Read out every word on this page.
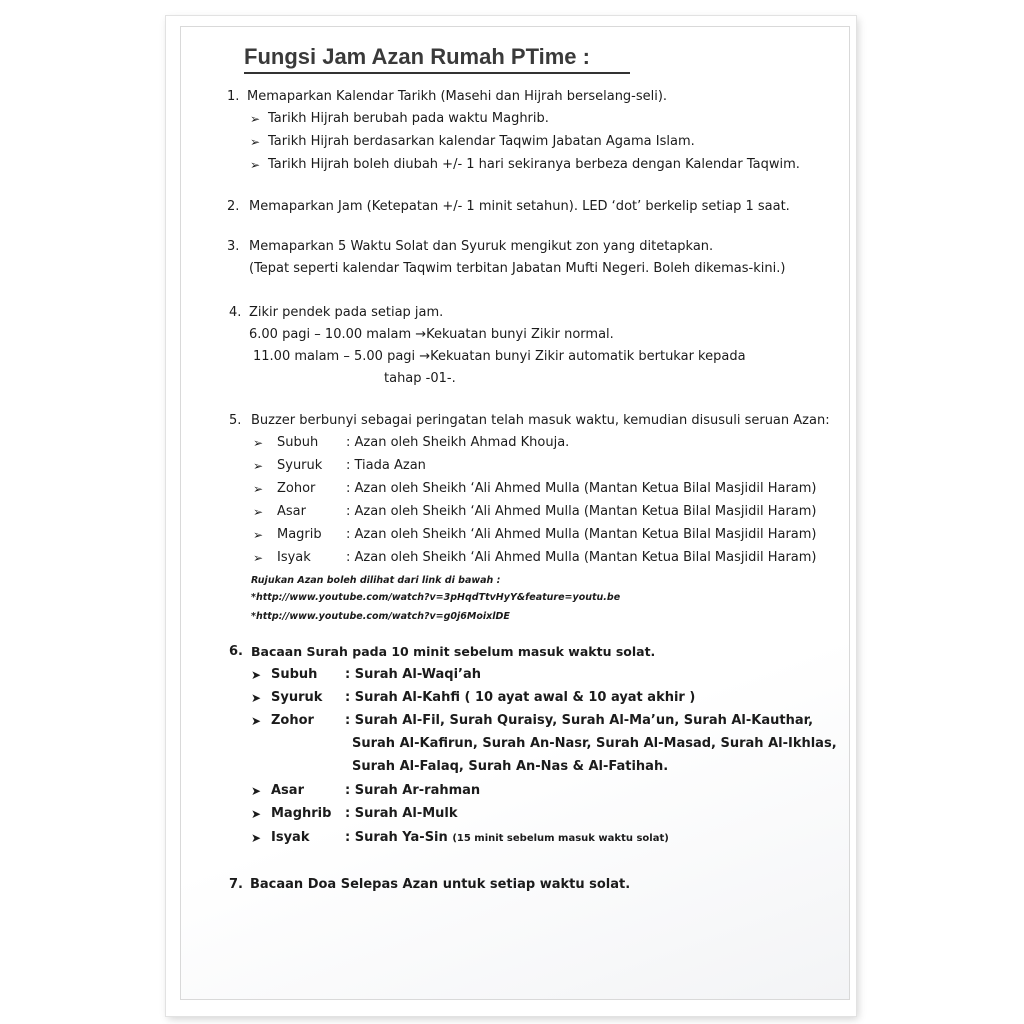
Fungsi Jam Azan Rumah PTime :
1. Memaparkan Kalendar Tarikh (Masehi dan Hijrah berselang-seli).
➢ Tarikh Hijrah berubah pada waktu Maghrib.
➢ Tarikh Hijrah berdasarkan kalendar Taqwim Jabatan Agama Islam.
➢ Tarikh Hijrah boleh diubah +/- 1 hari sekiranya berbeza dengan Kalendar Taqwim.
2. Memaparkan Jam (Ketepatan +/- 1 minit setahun). LED ‘dot’ berkelip setiap 1 saat.
3. Memaparkan 5 Waktu Solat dan Syuruk mengikut zon yang ditetapkan.
(Tepat seperti kalendar Taqwim terbitan Jabatan Mufti Negeri. Boleh dikemas-kini.)
4. Zikir pendek pada setiap jam.
6.00 pagi – 10.00 malam →Kekuatan bunyi Zikir normal.
11.00 malam – 5.00 pagi →Kekuatan bunyi Zikir automatik bertukar kepada
tahap -01-.
5. Buzzer berbunyi sebagai peringatan telah masuk waktu, kemudian disusuli seruan Azan:
➢ Subuh : Azan oleh Sheikh Ahmad Khouja.
➢ Syuruk : Tiada Azan
➢ Zohor : Azan oleh Sheikh ‘Ali Ahmed Mulla (Mantan Ketua Bilal Masjidil Haram)
➢ Asar	: Azan oleh Sheikh ‘Ali Ahmed Mulla (Mantan Ketua Bilal Masjidil Haram)
➢ Magrib : Azan oleh Sheikh ‘Ali Ahmed Mulla (Mantan Ketua Bilal Masjidil Haram)
➢ Isyak	: Azan oleh Sheikh ‘Ali Ahmed Mulla (Mantan Ketua Bilal Masjidil Haram)
Rujukan Azan boleh dilihat dari link di bawah :
*http://www.youtube.com/watch?v=3pHqdTtvHyY&feature=youtu.be
*http://www.youtube.com/watch?v=g0j6MoixlDE
6. Bacaan Surah pada 10 minit sebelum masuk waktu solat.
➤ Subuh : Surah Al-Waqi’ah
➤ Syuruk : Surah Al-Kahfi ( 10 ayat awal & 10 ayat akhir )
➤ Zohor : Surah Al-Fil, Surah Quraisy, Surah Al-Ma’un, Surah Al-Kauthar,
Surah Al-Kafirun, Surah An-Nasr, Surah Al-Masad, Surah Al-Ikhlas,
Surah Al-Falaq, Surah An-Nas & Al-Fatihah.
➤ Asar	: Surah Ar-rahman
➤ Maghrib : Surah Al-Mulk
➤ Isyak	: Surah Ya-Sin (15 minit sebelum masuk waktu solat)
7. Bacaan Doa Selepas Azan untuk setiap waktu solat.
